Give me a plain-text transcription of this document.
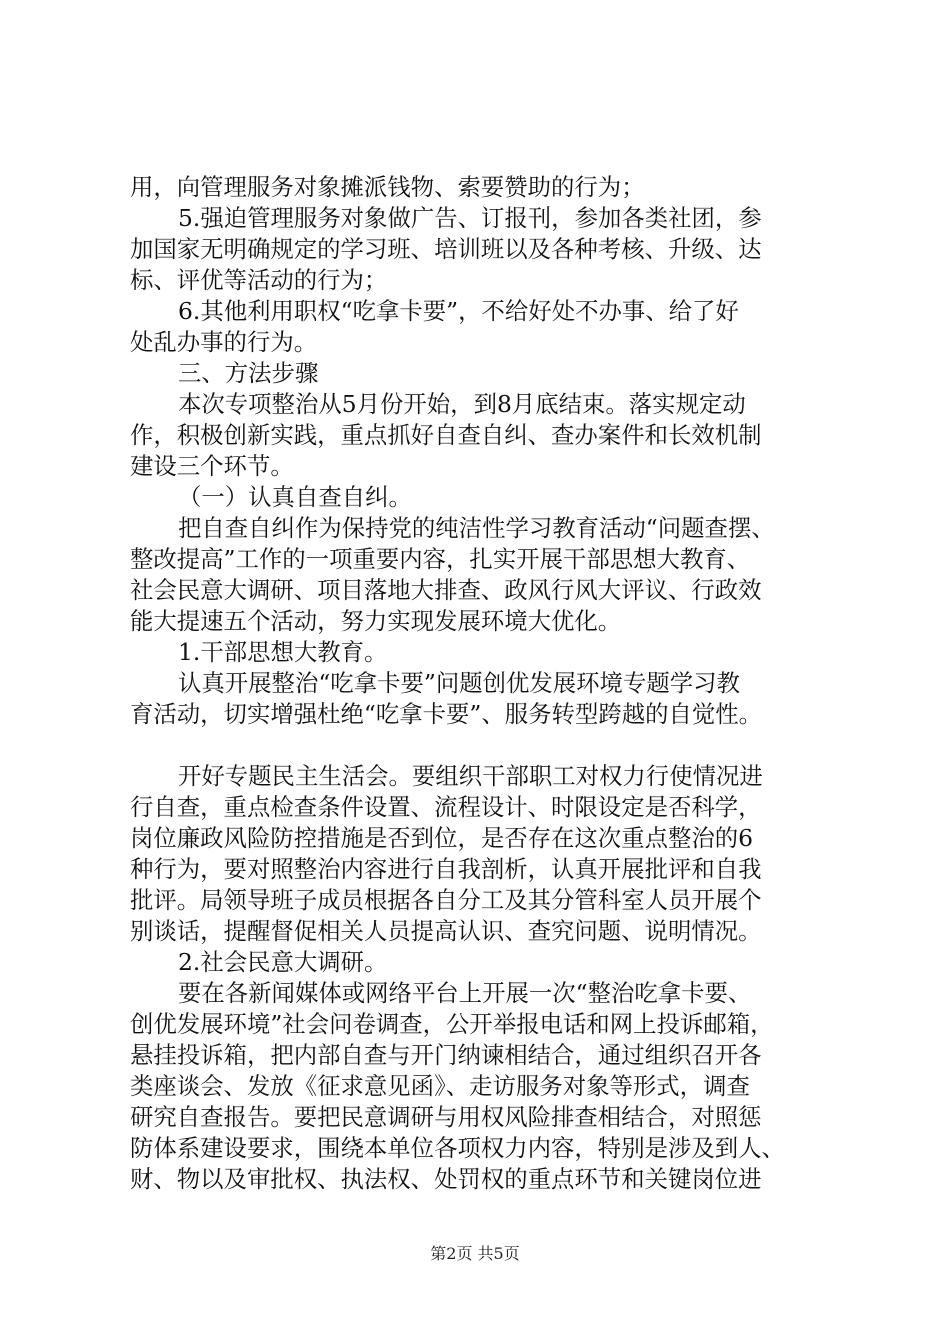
用，向管理服务对象摊派钱物、索要赞助的行为；
5.强迫管理服务对象做广告、订报刊，参加各类社团，参
加国家无明确规定的学习班、培训班以及各种考核、升级、达
标、评优等活动的行为；
6.其他利用职权“吃拿卡要”，不给好处不办事、给了好
处乱办事的行为。
三、方法步骤
本次专项整治从5月份开始，到8月底结束。落实规定动
作，积极创新实践，重点抓好自查自纠、查办案件和长效机制
建设三个环节。
（一）认真自查自纠。
把自查自纠作为保持党的纯洁性学习教育活动“问题查摆、
整改提高”工作的一项重要内容，扎实开展干部思想大教育、
社会民意大调研、项目落地大排查、政风行风大评议、行政效
能大提速五个活动，努力实现发展环境大优化。
1.干部思想大教育。
认真开展整治“吃拿卡要”问题创优发展环境专题学习教
育活动，切实增强杜绝“吃拿卡要”、服务转型跨越的自觉性。
开好专题民主生活会。要组织干部职工对权力行使情况进
行自查，重点检查条件设置、流程设计、时限设定是否科学，
岗位廉政风险防控措施是否到位，是否存在这次重点整治的6
种行为，要对照整治内容进行自我剖析，认真开展批评和自我
批评。局领导班子成员根据各自分工及其分管科室人员开展个
别谈话，提醒督促相关人员提高认识、查究问题、说明情况。
2.社会民意大调研。
要在各新闻媒体或网络平台上开展一次“整治吃拿卡要、
创优发展环境”社会问卷调查，公开举报电话和网上投诉邮箱，
悬挂投诉箱，把内部自查与开门纳谏相结合，通过组织召开各
类座谈会、发放《征求意见函》、走访服务对象等形式，调查
研究自查报告。要把民意调研与用权风险排查相结合，对照惩
防体系建设要求，围绕本单位各项权力内容，特别是涉及到人、
财、物以及审批权、执法权、处罚权的重点环节和关键岗位进
第2页 共5页
